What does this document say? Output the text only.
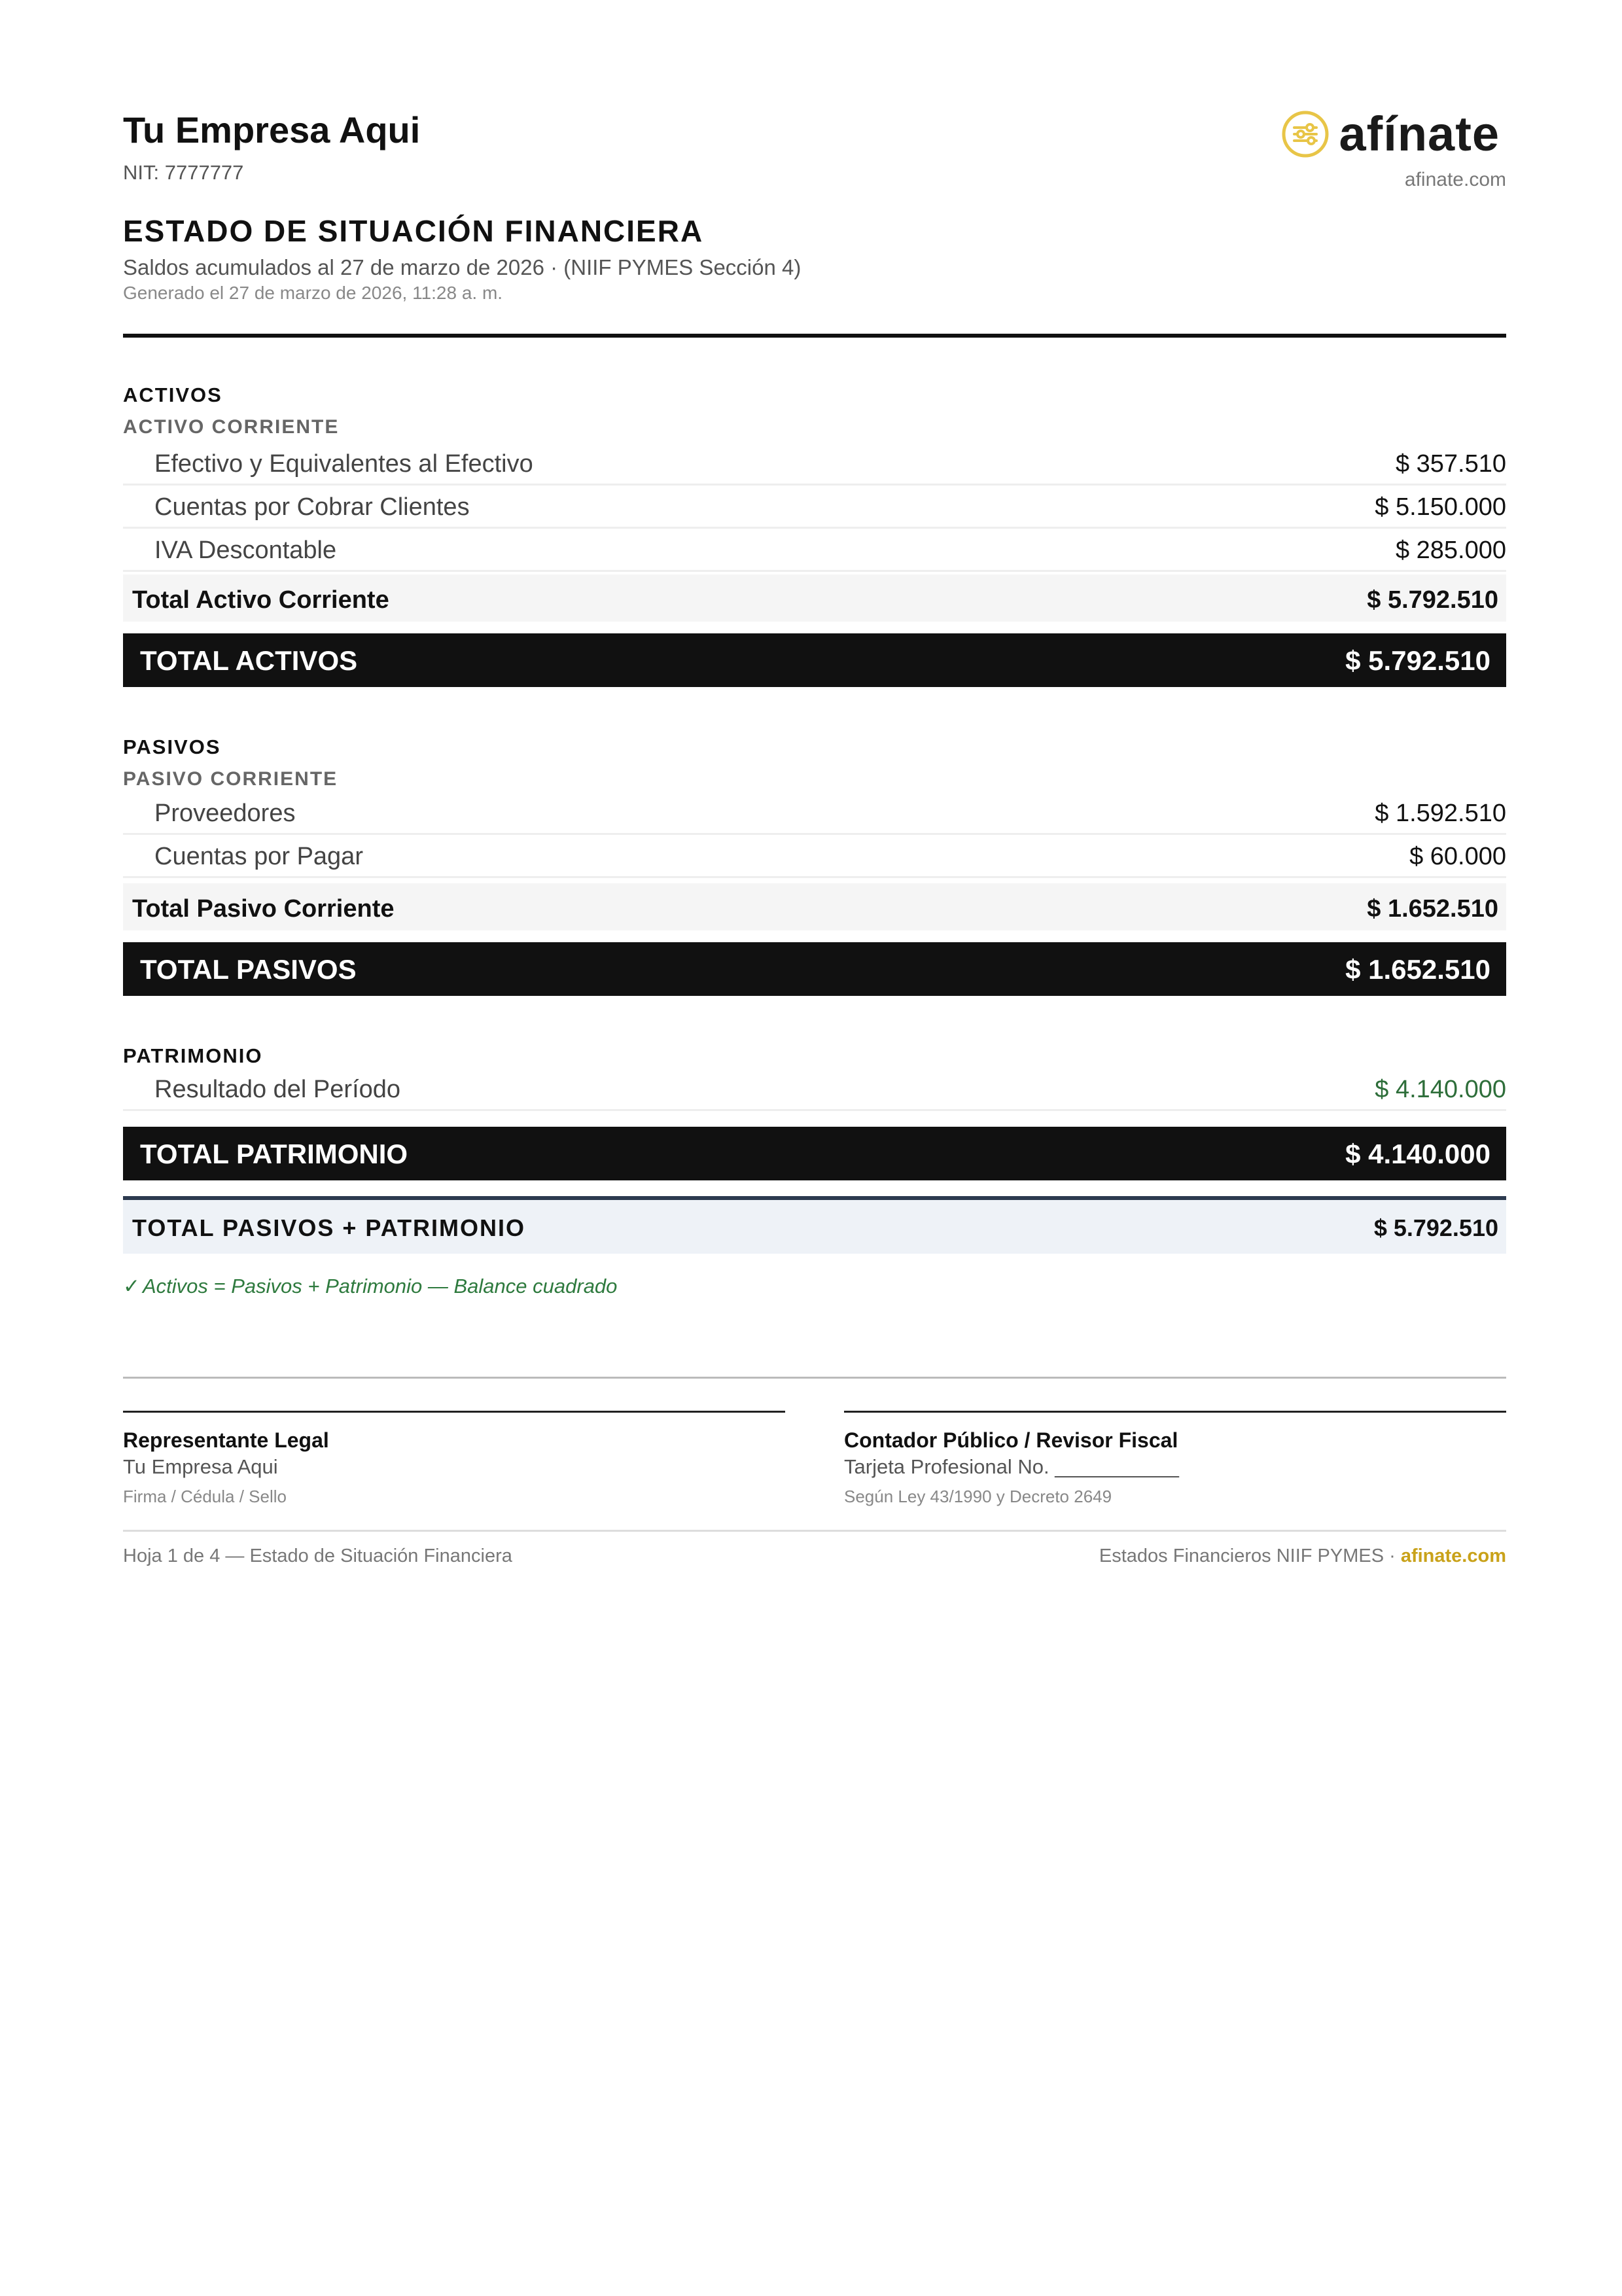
Tu Empresa Aqui
NIT: 7777777
afínate
afinate.com
ESTADO DE SITUACIÓN FINANCIERA
Saldos acumulados al 27 de marzo de 2026 · (NIIF PYMES Sección 4)
Generado el 27 de marzo de 2026, 11:28 a. m.
ACTIVOS
ACTIVO CORRIENTE
Efectivo y Equivalentes al Efectivo	$ 357.510
Cuentas por Cobrar Clientes	$ 5.150.000
IVA Descontable	$ 285.000
Total Activo Corriente	$ 5.792.510
TOTAL ACTIVOS	$ 5.792.510
PASIVOS
PASIVO CORRIENTE
Proveedores	$ 1.592.510
Cuentas por Pagar	$ 60.000
Total Pasivo Corriente	$ 1.652.510
TOTAL PASIVOS	$ 1.652.510
PATRIMONIO
Resultado del Período	$ 4.140.000
TOTAL PATRIMONIO	$ 4.140.000
TOTAL PASIVOS + PATRIMONIO	$ 5.792.510
✓ Activos = Pasivos + Patrimonio — Balance cuadrado
Representante Legal
Tu Empresa Aqui
Firma / Cédula / Sello
Contador Público / Revisor Fiscal
Tarjeta Profesional No. ___________
Según Ley 43/1990 y Decreto 2649
Hoja 1 de 4 — Estado de Situación Financiera	Estados Financieros NIIF PYMES · afinate.com
